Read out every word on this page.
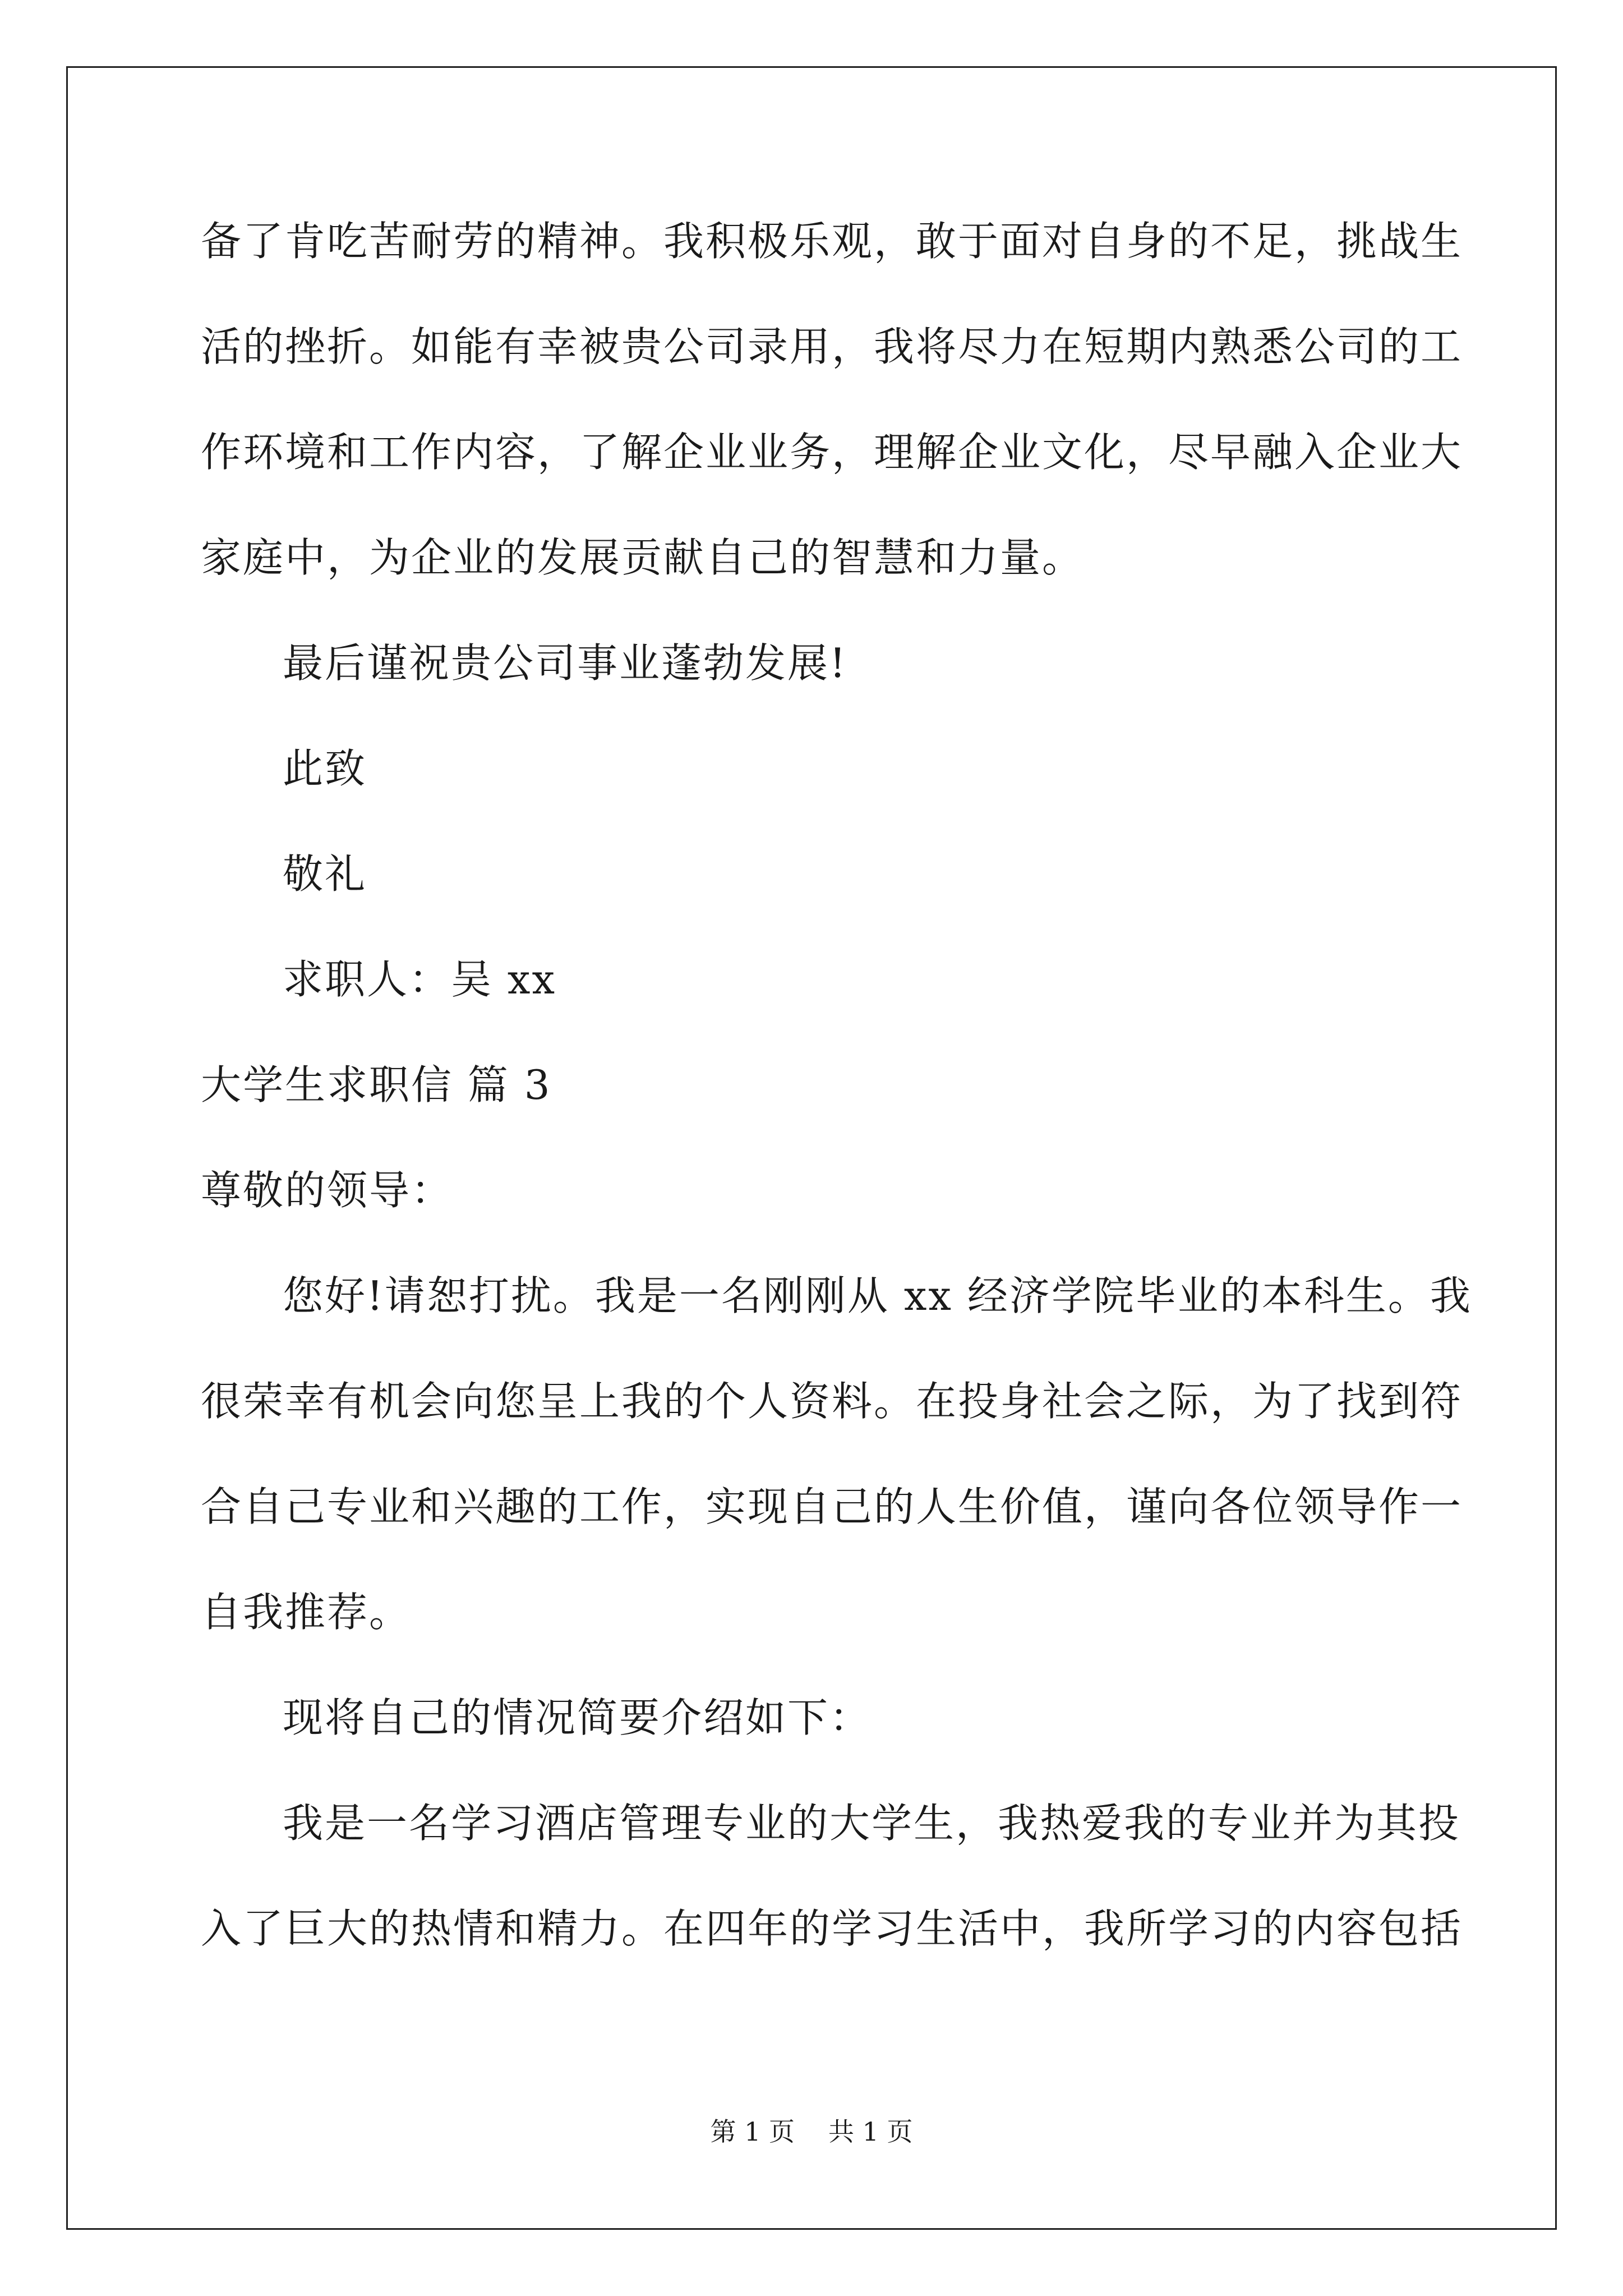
备了肯吃苦耐劳的精神。我积极乐观，敢于面对自身的不足，挑战生
活的挫折。如能有幸被贵公司录用，我将尽力在短期内熟悉公司的工
作环境和工作内容，了解企业业务，理解企业文化，尽早融入企业大
家庭中，为企业的发展贡献自己的智慧和力量。
最后谨祝贵公司事业蓬勃发展!
此致
敬礼
求职人：吴 xx
大学生求职信 篇 3
尊敬的领导：
您好!请恕打扰。我是一名刚刚从 xx 经济学院毕业的本科生。我
很荣幸有机会向您呈上我的个人资料。在投身社会之际，为了找到符
合自己专业和兴趣的工作，实现自己的人生价值，谨向各位领导作一
自我推荐。
现将自己的情况简要介绍如下：
我是一名学习酒店管理专业的大学生，我热爱我的专业并为其投
入了巨大的热情和精力。在四年的学习生活中，我所学习的内容包括
第 1 页 共 1 页
